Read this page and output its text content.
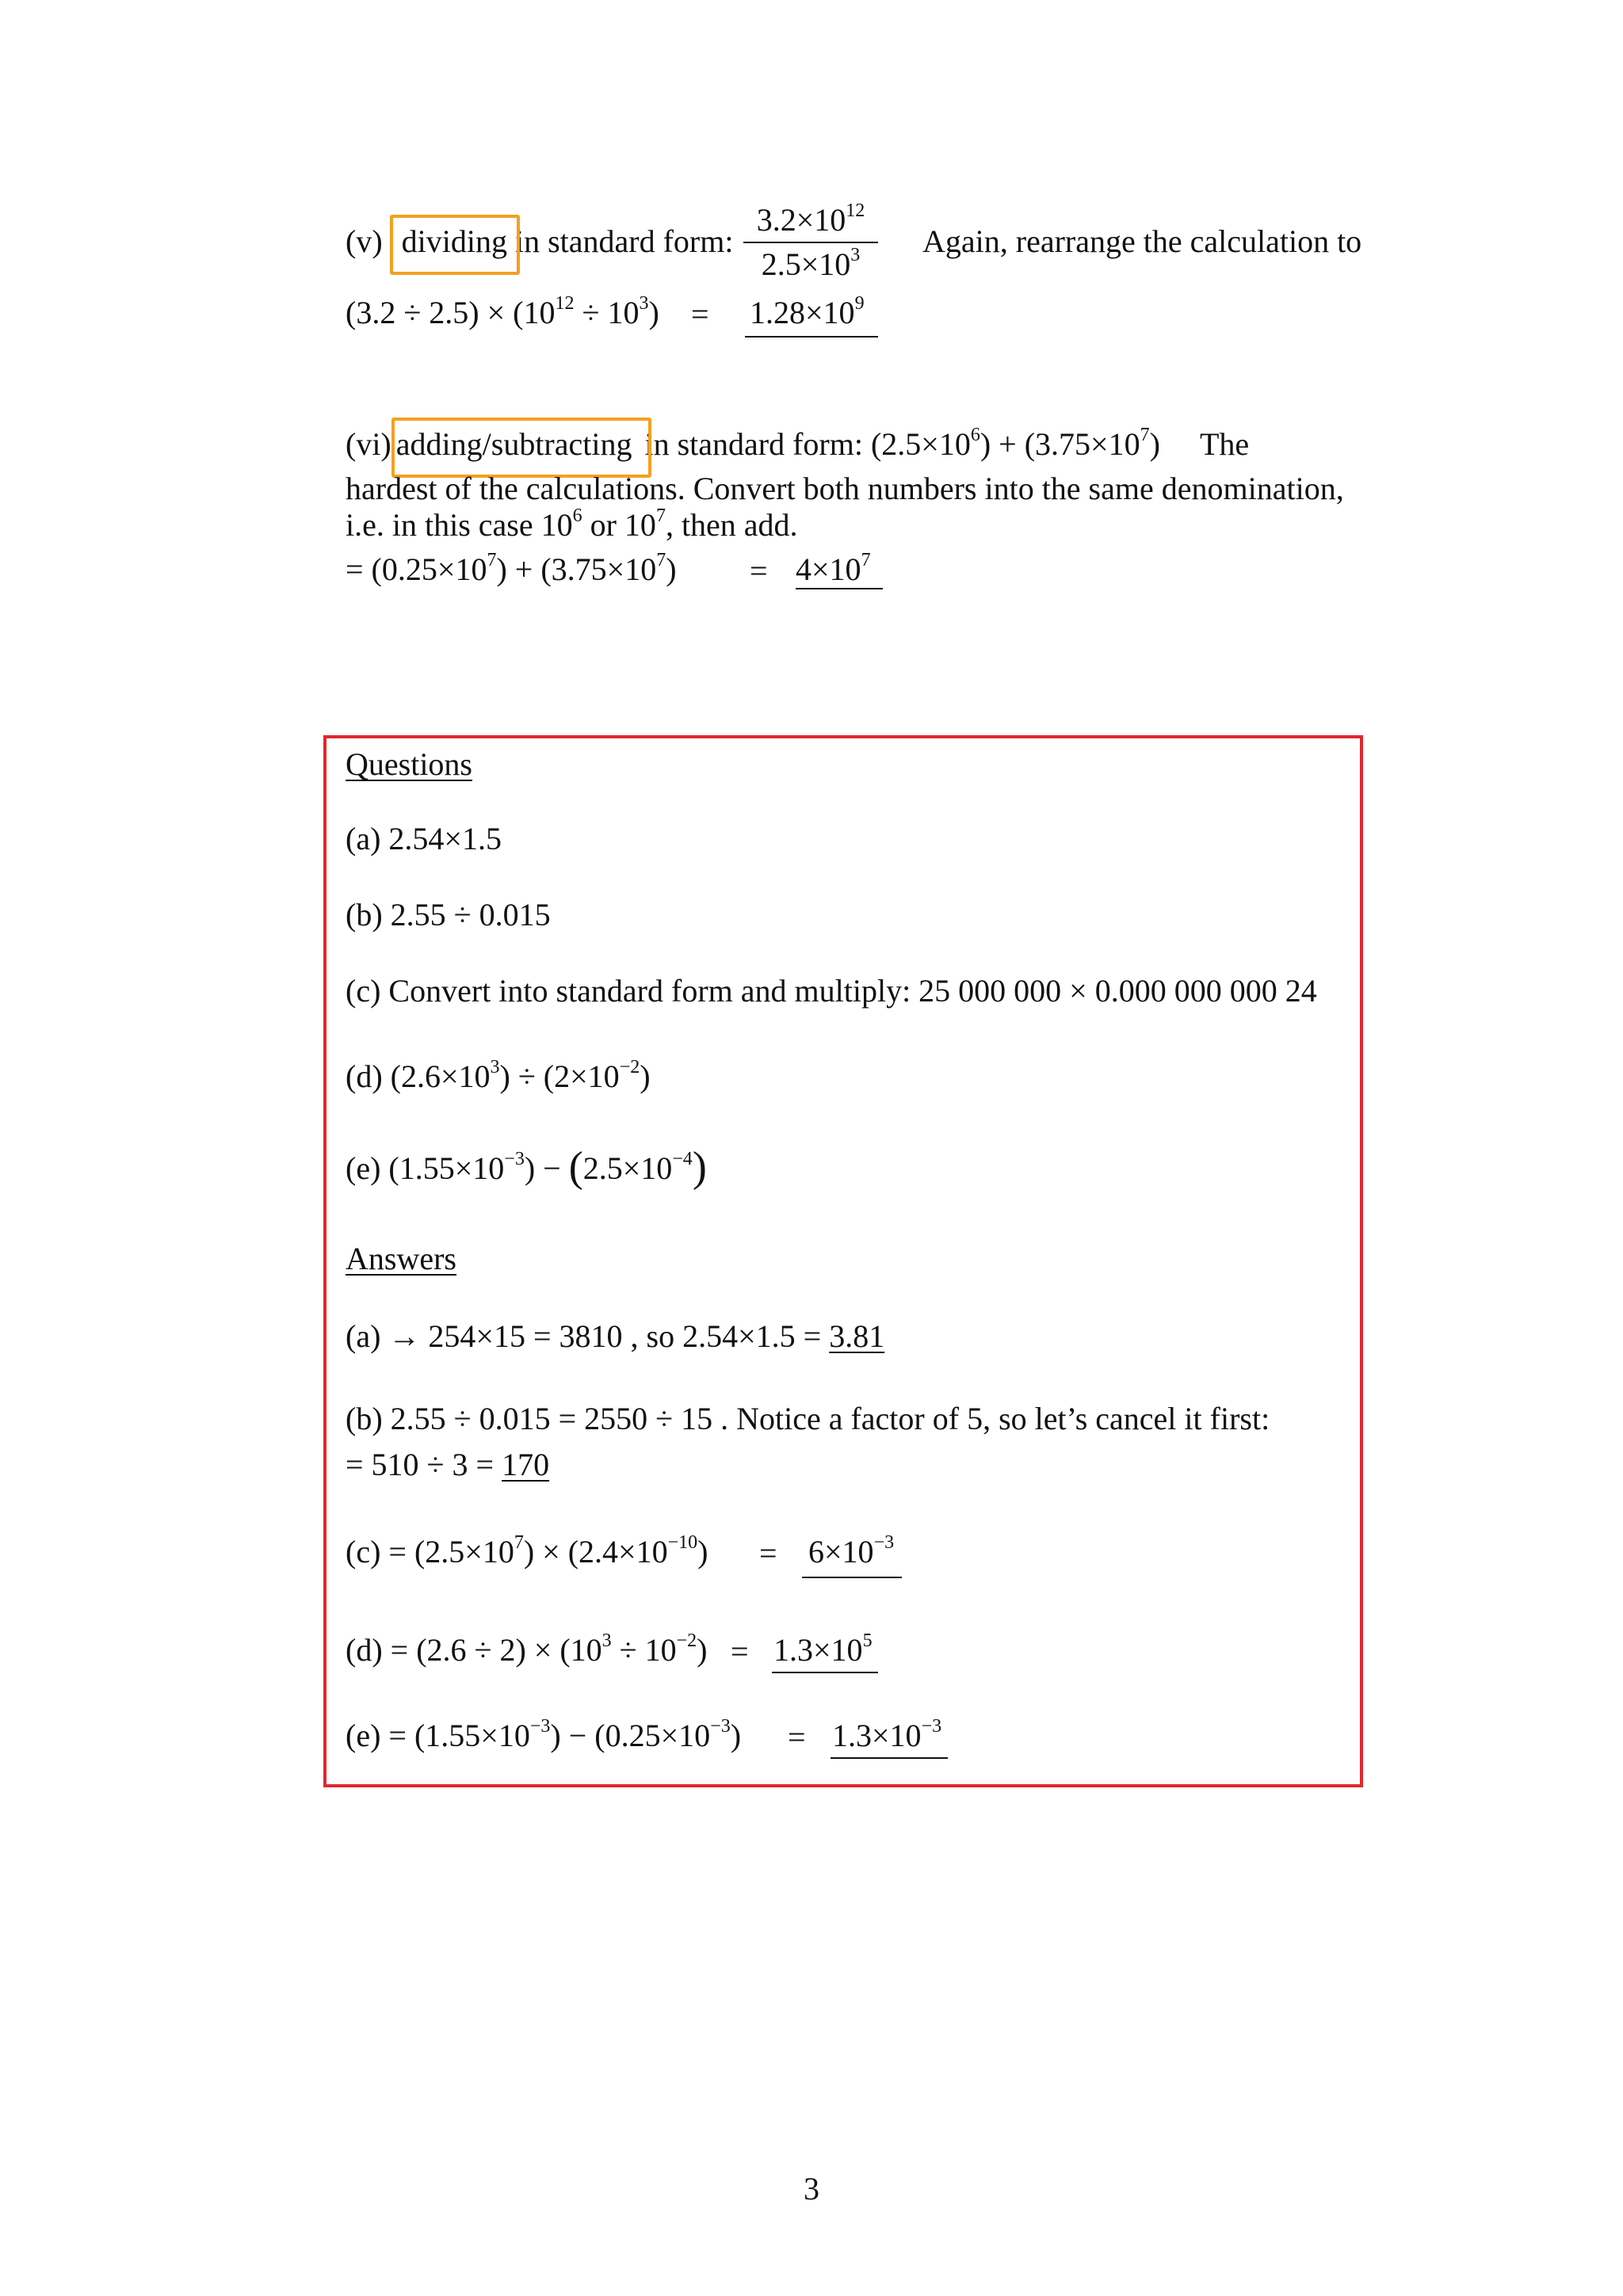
(v) dividing in standard form: $\frac{3.2\times 10^{12}}{2.5\times 10^3}$ Again, rearrange the calculation to
$(3.2 \div 2.5) \times (10^{12} \div 10^3) = 1.28\times 10^9$
(vi) adding/subtracting in standard form: $(2.5\times 10^6) + (3.75\times 10^7)$ The
hardest of the calculations. Convert both numbers into the same denomination,
i.e. in this case $10^6$ or $10^7$, then add.
= $(0.25\times 10^7) + (3.75\times 10^7) = 4\times 10^7$
Questions
(a) 2.54×1.5
(b) 2.55 ÷ 0.015
(c) Convert into standard form and multiply: 25 000 000 × 0.000 000 000 24
(d) $(2.6\times 10^3) \div (2\times 10^{-2})$
(e) $(1.55\times 10^{-3}) - (2.5\times 10^{-4})$
Answers
(a) → 254×15 = 3810 , so 2.54×1.5 = 3.81
(b) 2.55 ÷ 0.015 = 2550 ÷ 15 . Notice a factor of 5, so let’s cancel it first:
= 510 ÷ 3 = 170
$(c) = (2.5\times 10^7) \times (2.4\times 10^{-10}) = 6\times 10^{-3}$
$(d) = (2.6 \div 2) \times (10^3 \div 10^{-2}) = 1.3\times 10^5$
$(e) = (1.55\times 10^{-3}) - (0.25\times 10^{-3}) = 1.3\times 10^{-3}$
3
